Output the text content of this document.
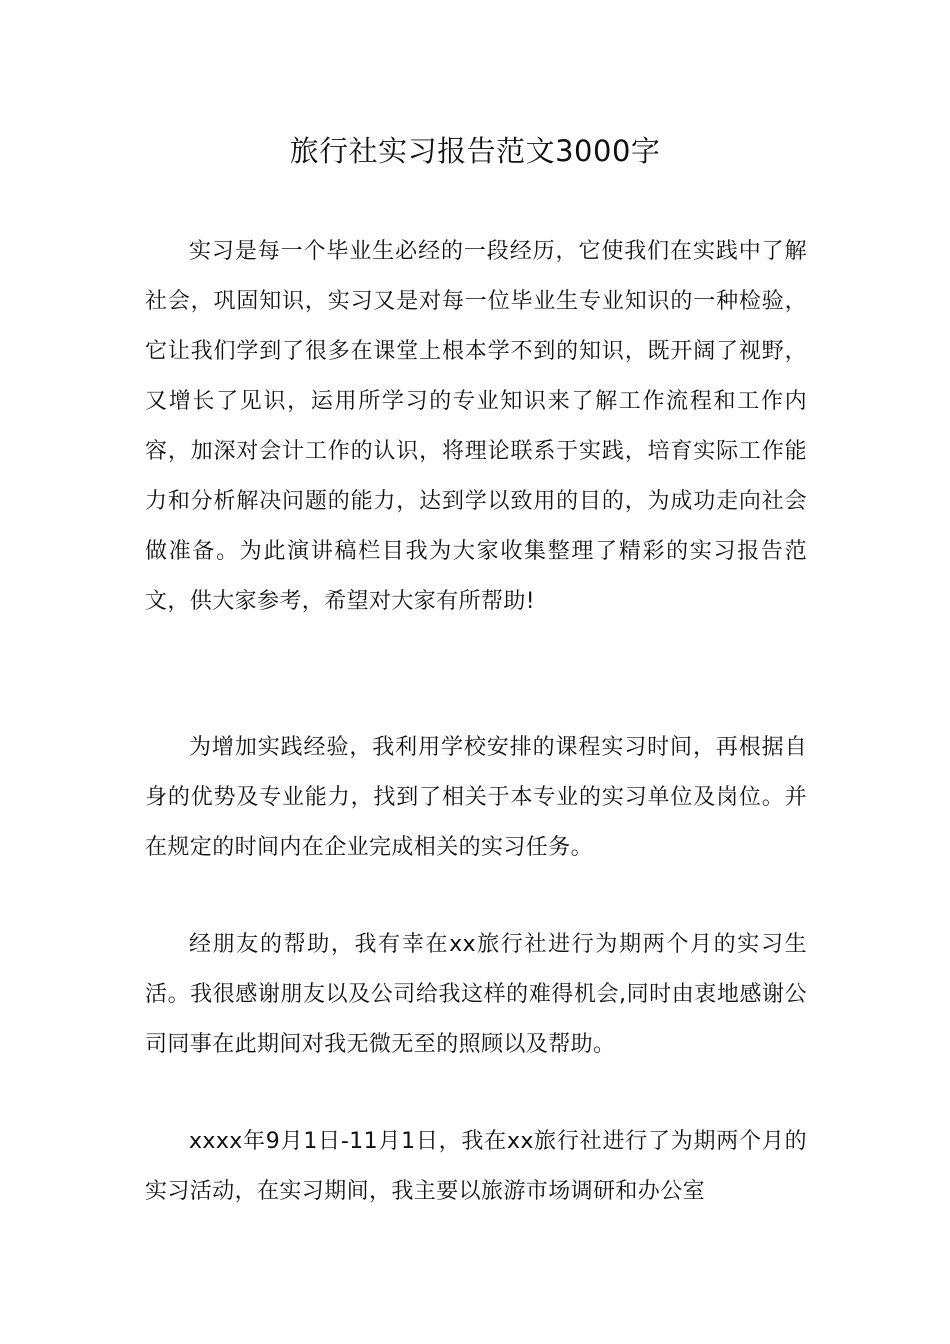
旅行社实习报告范文3000字

实习是每一个毕业生必经的一段经历，它使我们在实践中了解社会，巩固知识，实习又是对每一位毕业生专业知识的一种检验，它让我们学到了很多在课堂上根本学不到的知识，既开阔了视野，又增长了见识，运用所学习的专业知识来了解工作流程和工作内容，加深对会计工作的认识，将理论联系于实践，培育实际工作能力和分析解决问题的能力，达到学以致用的目的，为成功走向社会做准备。为此演讲稿栏目我为大家收集整理了精彩的实习报告范文，供大家参考，希望对大家有所帮助!

为增加实践经验，我利用学校安排的课程实习时间，再根据自身的优势及专业能力，找到了相关于本专业的实习单位及岗位。并在规定的时间内在企业完成相关的实习任务。

经朋友的帮助，我有幸在xx旅行社进行为期两个月的实习生活。我很感谢朋友以及公司给我这样的难得机会,同时由衷地感谢公司同事在此期间对我无微无至的照顾以及帮助。

xxxx年9月1日-11月1日，我在xx旅行社进行了为期两个月的实习活动，在实习期间，我主要以旅游市场调研和办公室
